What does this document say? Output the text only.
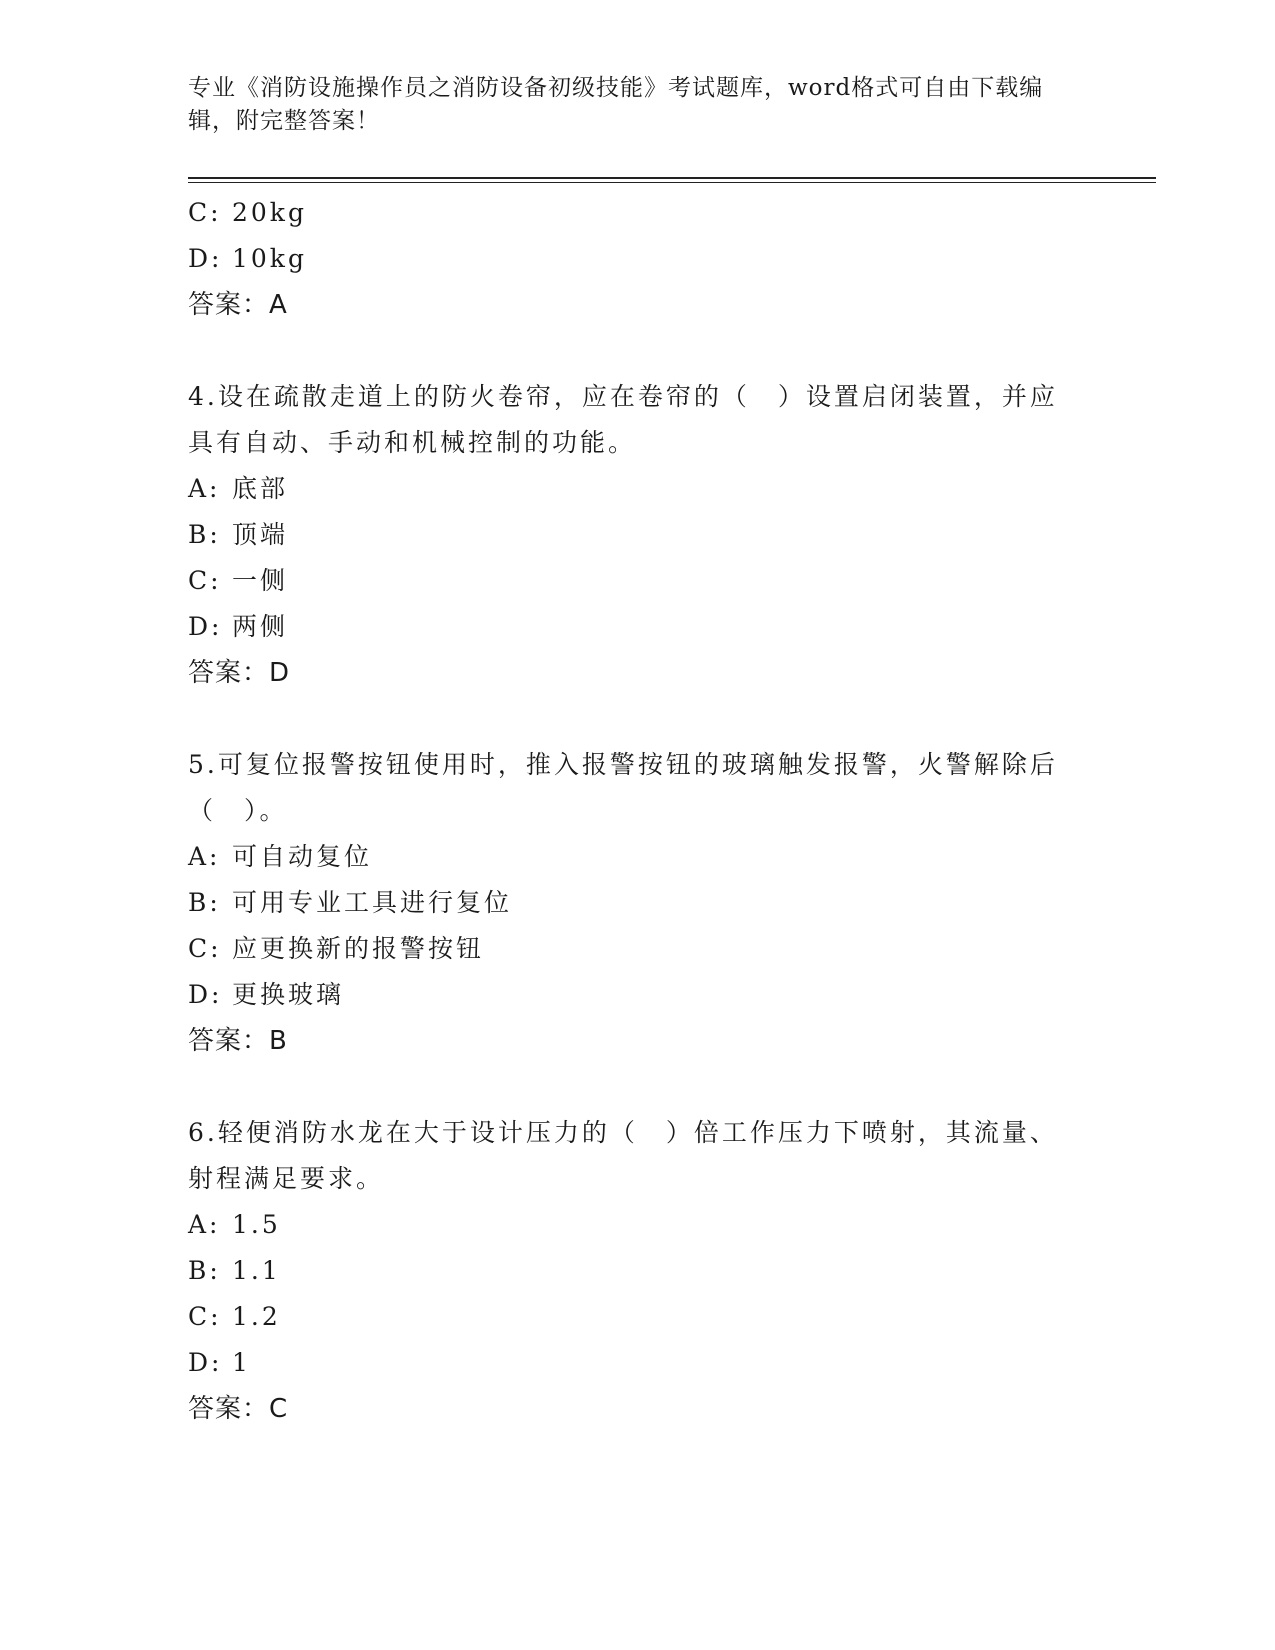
专业《消防设施操作员之消防设备初级技能》考试题库，word格式可自由下载编辑，附完整答案！
C: 20kg
D: 10kg
答案：A
4.设在疏散走道上的防火卷帘，应在卷帘的（　）设置启闭装置，并应具有自动、手动和机械控制的功能。
A: 底部
B: 顶端
C: 一侧
D: 两侧
答案：D
5.可复位报警按钮使用时，推入报警按钮的玻璃触发报警，火警解除后（　）。
A: 可自动复位
B: 可用专业工具进行复位
C: 应更换新的报警按钮
D: 更换玻璃
答案：B
6.轻便消防水龙在大于设计压力的（　）倍工作压力下喷射，其流量、射程满足要求。
A: 1.5
B: 1.1
C: 1.2
D: 1
答案：C
